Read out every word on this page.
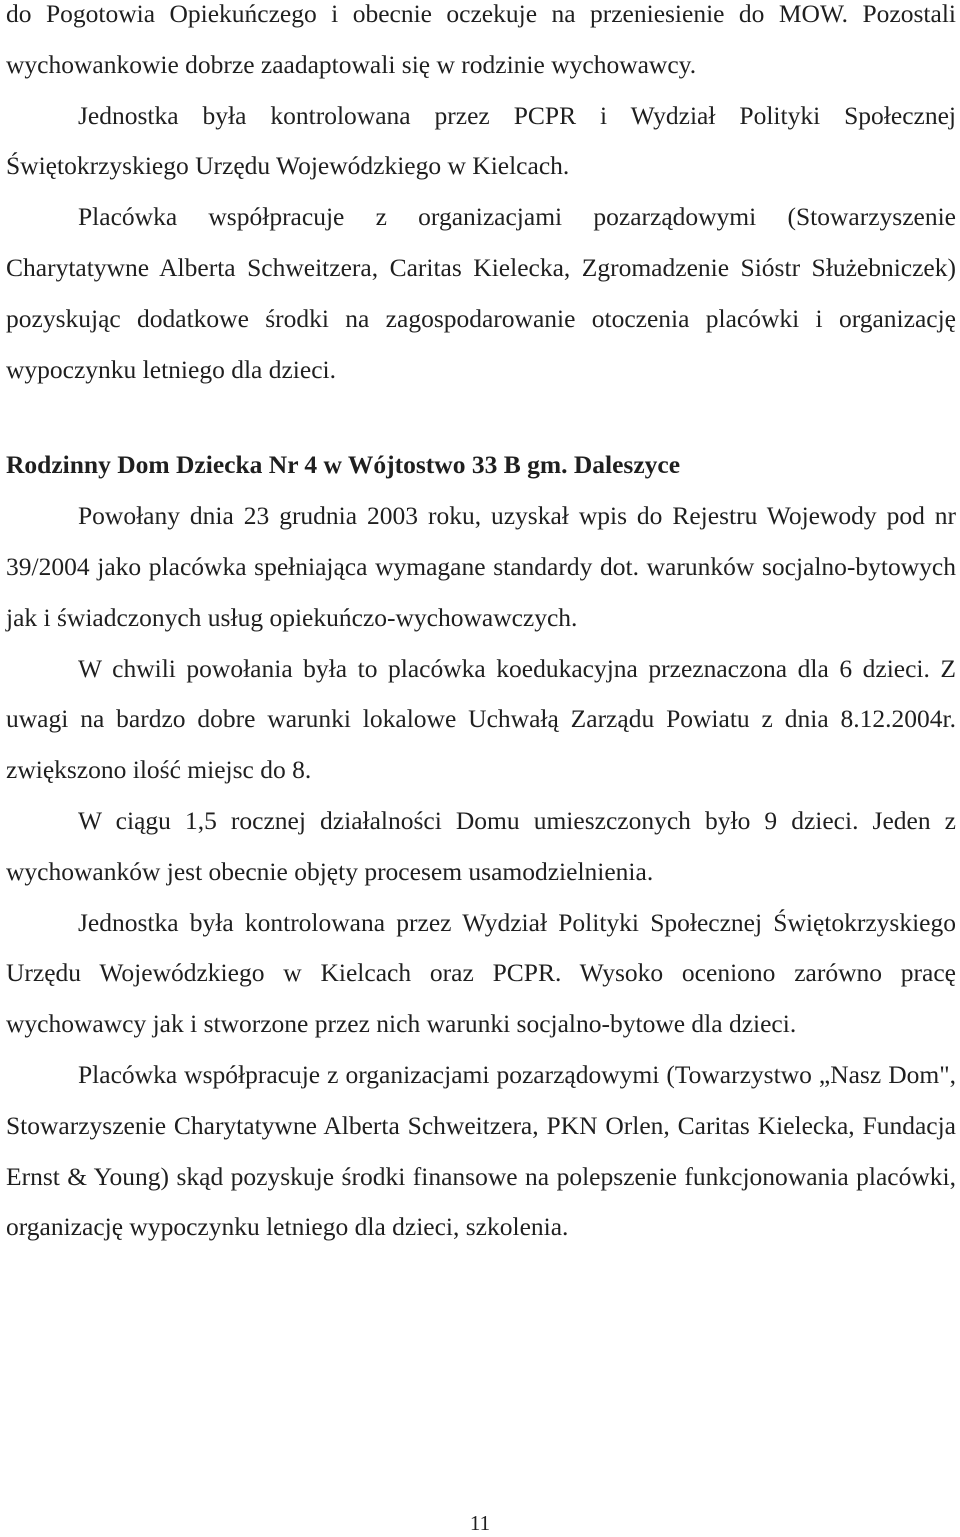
do Pogotowia Opiekuńczego i obecnie oczekuje na przeniesienie do MOW. Pozostali wychowankowie dobrze zaadaptowali się w rodzinie wychowawcy.

Jednostka była kontrolowana przez PCPR i Wydział Polityki Społecznej Świętokrzyskiego Urzędu Wojewódzkiego w Kielcach.

Placówka współpracuje z organizacjami pozarządowymi (Stowarzyszenie Charytatywne Alberta Schweitzera, Caritas Kielecka, Zgromadzenie Sióstr Służebniczek) pozyskując dodatkowe środki na zagospodarowanie otoczenia placówki i organizację wypoczynku letniego dla dzieci.

Rodzinny Dom Dziecka Nr 4 w Wójtostwo 33 B gm. Daleszyce

Powołany dnia 23 grudnia 2003 roku, uzyskał wpis do Rejestru Wojewody pod nr 39/2004 jako placówka spełniająca wymagane standardy dot. warunków socjalno-bytowych jak i świadczonych usług opiekuńczo-wychowawczych.

W chwili powołania była to placówka koedukacyjna przeznaczona dla 6 dzieci. Z uwagi na bardzo dobre warunki lokalowe Uchwałą Zarządu Powiatu z dnia 8.12.2004r. zwiększono ilość miejsc do 8.

W ciągu 1,5 rocznej działalności Domu umieszczonych było 9 dzieci. Jeden z wychowanków jest obecnie objęty procesem usamodzielnienia.

Jednostka była kontrolowana przez Wydział Polityki Społecznej Świętokrzyskiego Urzędu Wojewódzkiego w Kielcach oraz PCPR. Wysoko oceniono zarówno pracę wychowawcy jak i stworzone przez nich warunki socjalno-bytowe dla dzieci.

Placówka współpracuje z organizacjami pozarządowymi (Towarzystwo „Nasz Dom", Stowarzyszenie Charytatywne Alberta Schweitzera, PKN Orlen, Caritas Kielecka, Fundacja Ernst & Young) skąd pozyskuje środki finansowe na polepszenie funkcjonowania placówki, organizację wypoczynku letniego dla dzieci, szkolenia.

11
